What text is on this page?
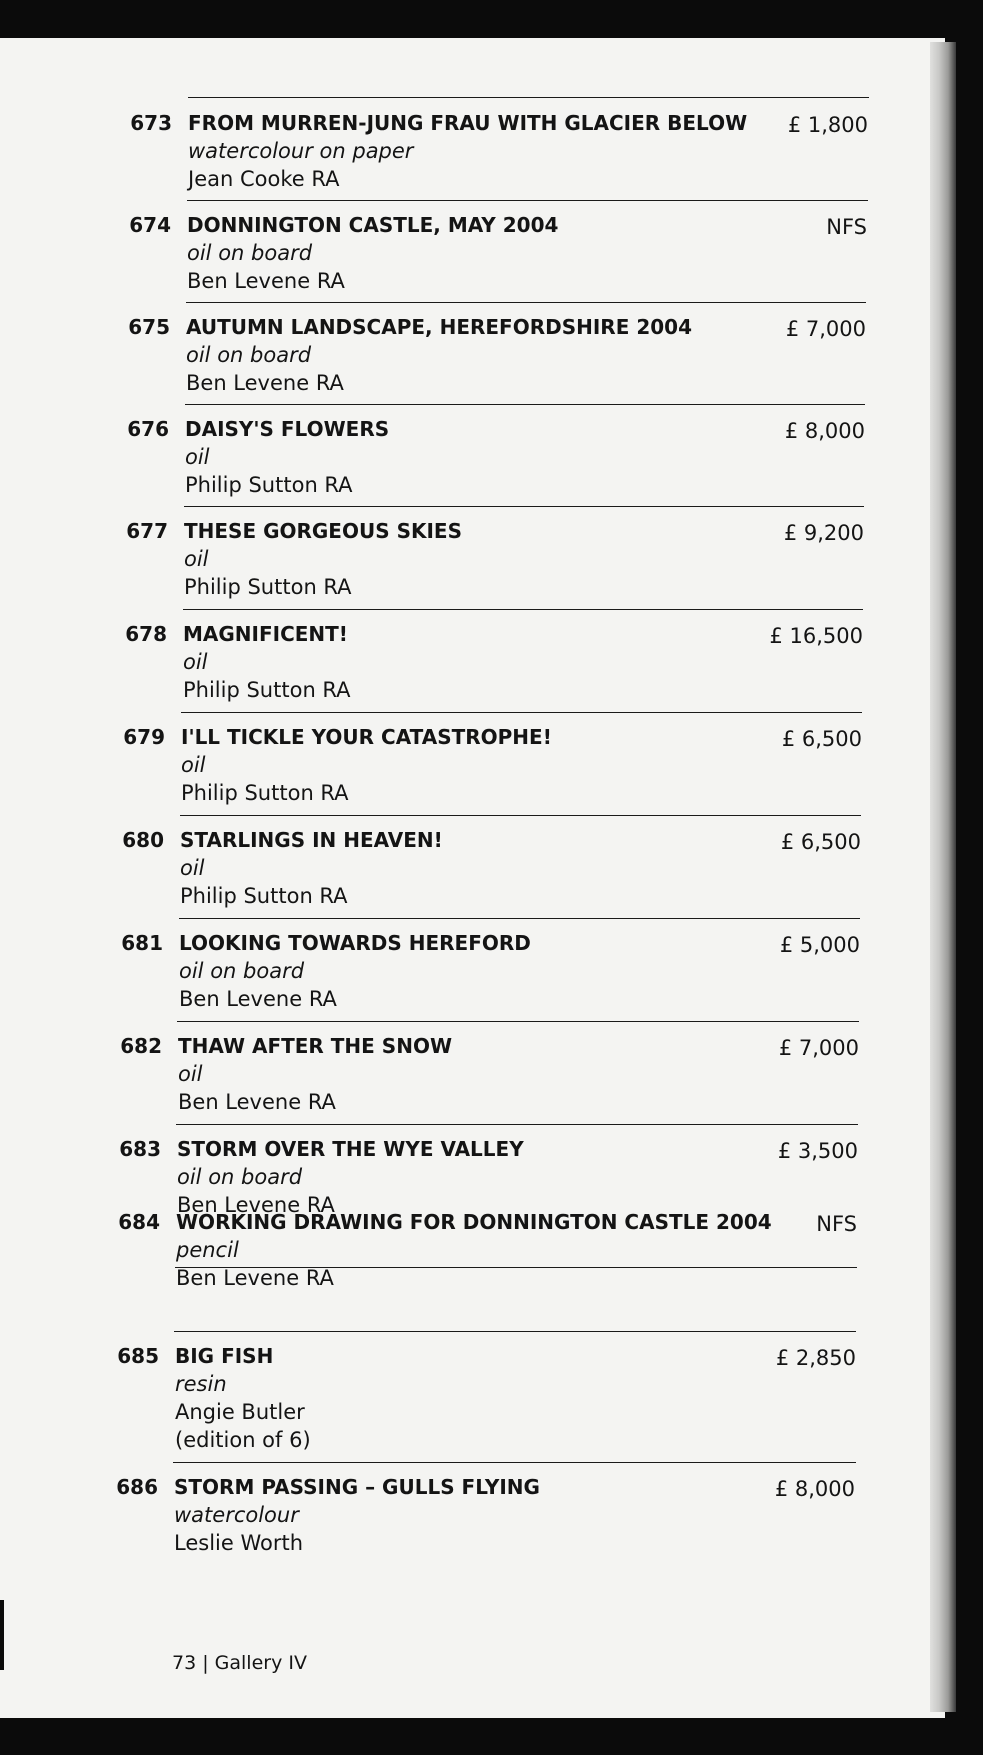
673 FROM MURREN-JUNG FRAU WITH GLACIER BELOW
watercolour on paper
Jean Cooke RA
£ 1,800
674 DONNINGTON CASTLE, MAY 2004
oil on board
Ben Levene RA
NFS
675 AUTUMN LANDSCAPE, HEREFORDSHIRE 2004
oil on board
Ben Levene RA
£ 7,000
676 DAISY'S FLOWERS
oil
Philip Sutton RA
£ 8,000
677 THESE GORGEOUS SKIES
oil
Philip Sutton RA
£ 9,200
678 MAGNIFICENT!
oil
Philip Sutton RA
£ 16,500
679 I'LL TICKLE YOUR CATASTROPHE!
oil
Philip Sutton RA
£ 6,500
680 STARLINGS IN HEAVEN!
oil
Philip Sutton RA
£ 6,500
681 LOOKING TOWARDS HEREFORD
oil on board
Ben Levene RA
£ 5,000
682 THAW AFTER THE SNOW
oil
Ben Levene RA
£ 7,000
683 STORM OVER THE WYE VALLEY
oil on board
Ben Levene RA
£ 3,500
684 WORKING DRAWING FOR DONNINGTON CASTLE 2004
pencil
Ben Levene RA
NFS
685 BIG FISH
resin
Angie Butler
(edition of 6)
£ 2,850
686 STORM PASSING – GULLS FLYING
watercolour
Leslie Worth
£ 8,000
73 | Gallery IV
